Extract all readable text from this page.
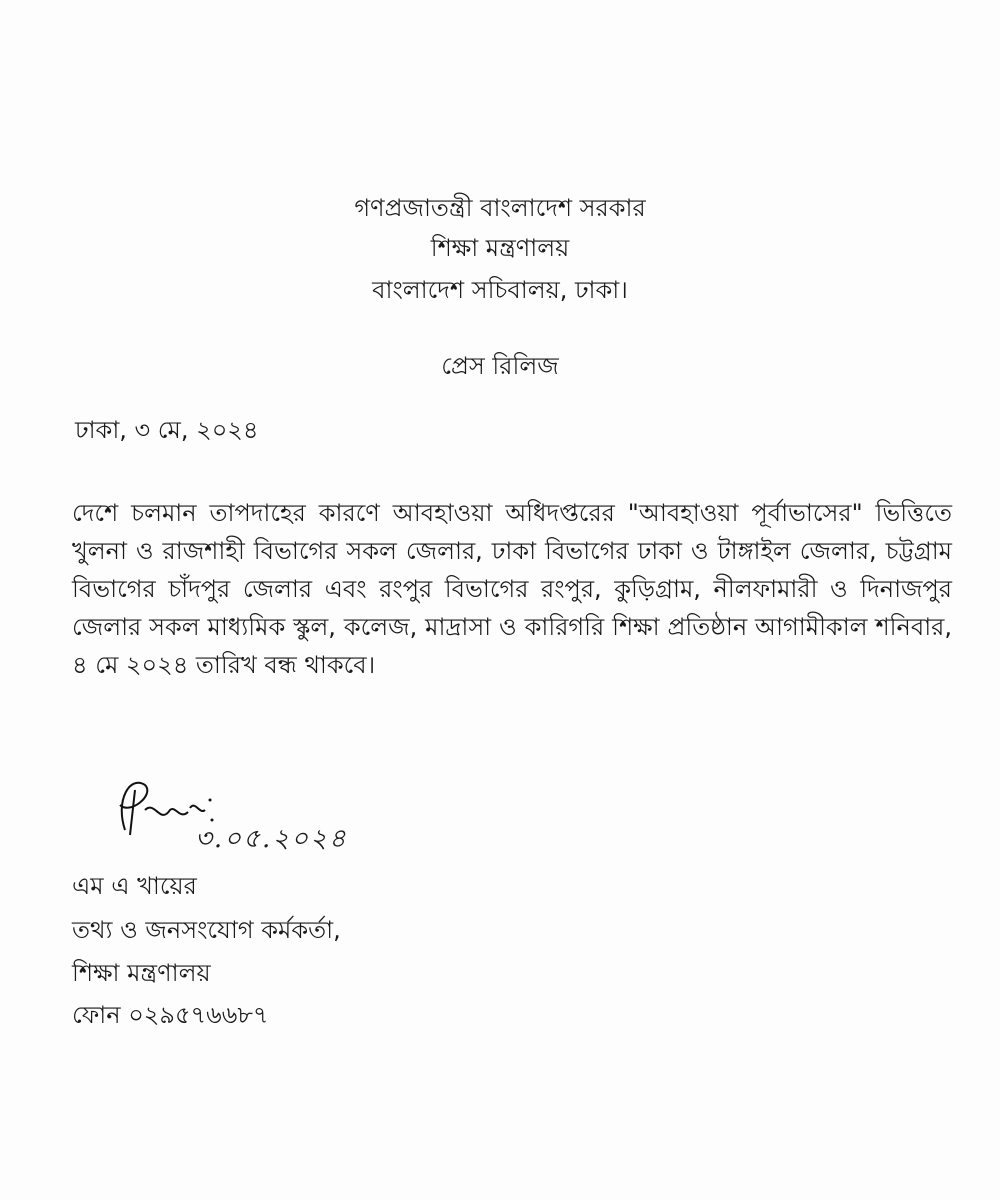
গণপ্রজাতন্ত্রী বাংলাদেশ সরকার
শিক্ষা মন্ত্রণালয়
বাংলাদেশ সচিবালয়, ঢাকা।
প্রেস রিলিজ
ঢাকা, ৩ মে, ২০২৪
দেশে চলমান তাপদাহের কারণে আবহাওয়া অধিদপ্তরের "আবহাওয়া পূর্বাভাসের" ভিত্তিতে খুলনা ও রাজশাহী বিভাগের সকল জেলার, ঢাকা বিভাগের ঢাকা ও টাঙ্গাইল জেলার, চট্টগ্রাম বিভাগের চাঁদপুর জেলার এবং রংপুর বিভাগের রংপুর, কুড়িগ্রাম, নীলফামারী ও দিনাজপুর জেলার সকল মাধ্যমিক স্কুল, কলেজ, মাদ্রাসা ও কারিগরি শিক্ষা প্রতিষ্ঠান আগামীকাল শনিবার, ৪ মে ২০২৪ তারিখ বন্ধ থাকবে।
৩.০৫.২০২৪
এম এ খায়ের
তথ্য ও জনসংযোগ কর্মকর্তা,
শিক্ষা মন্ত্রণালয়
ফোন ০২৯৫৭৬৬৮৭
